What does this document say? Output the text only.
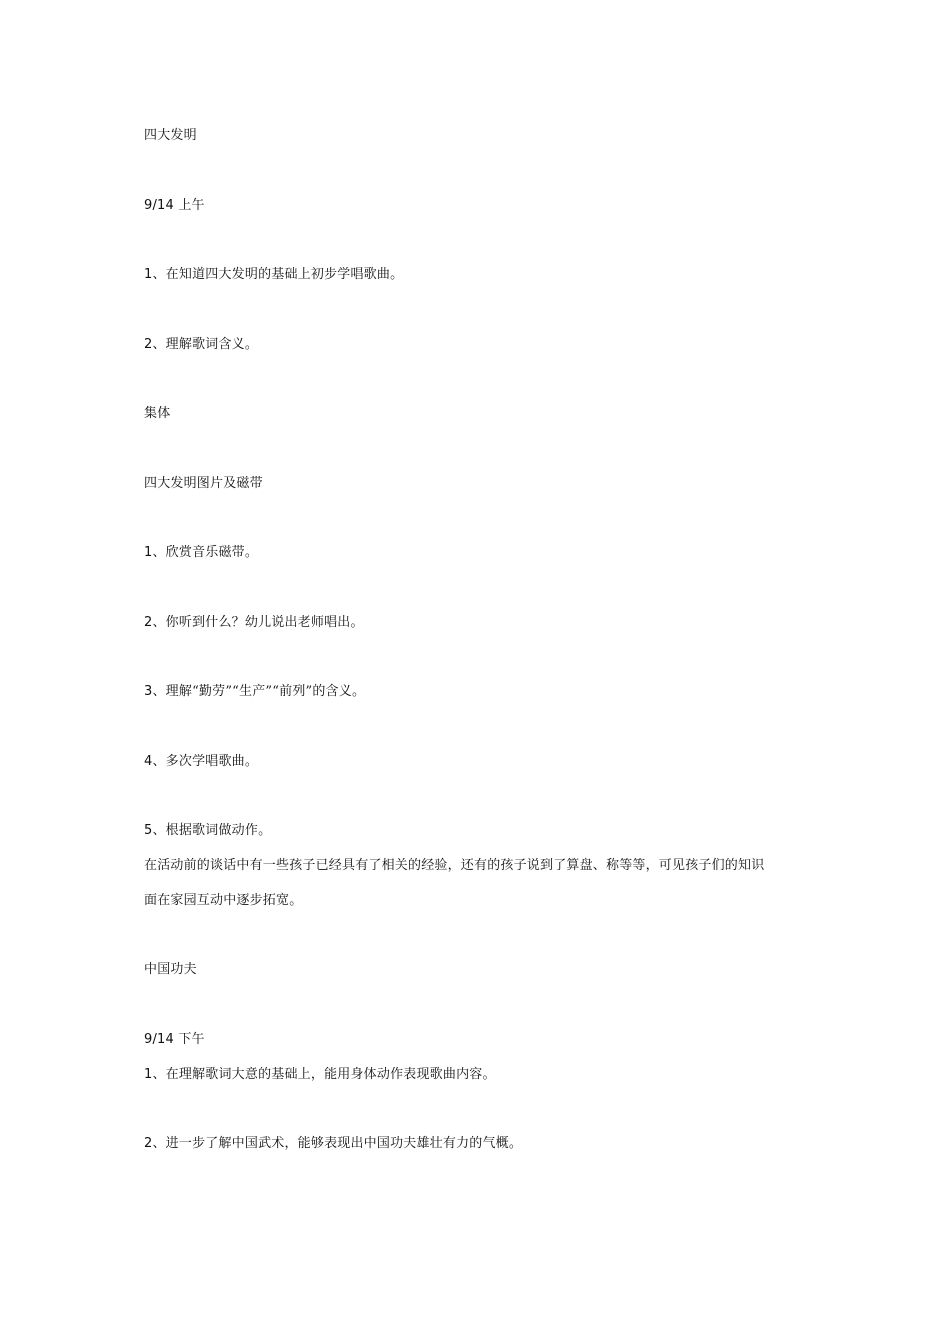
四大发明
9/14 上午
1、在知道四大发明的基础上初步学唱歌曲。
2、理解歌词含义。
集体
四大发明图片及磁带
1、欣赏音乐磁带。
2、你听到什么？幼儿说出老师唱出。
3、理解“勤劳”“生产”“前列”的含义。
4、多次学唱歌曲。
5、根据歌词做动作。
在活动前的谈话中有一些孩子已经具有了相关的经验，还有的孩子说到了算盘、称等等，可见孩子们的知识
面在家园互动中逐步拓宽。
中国功夫
9/14 下午
1、在理解歌词大意的基础上，能用身体动作表现歌曲内容。
2、进一步了解中国武术，能够表现出中国功夫雄壮有力的气概。
